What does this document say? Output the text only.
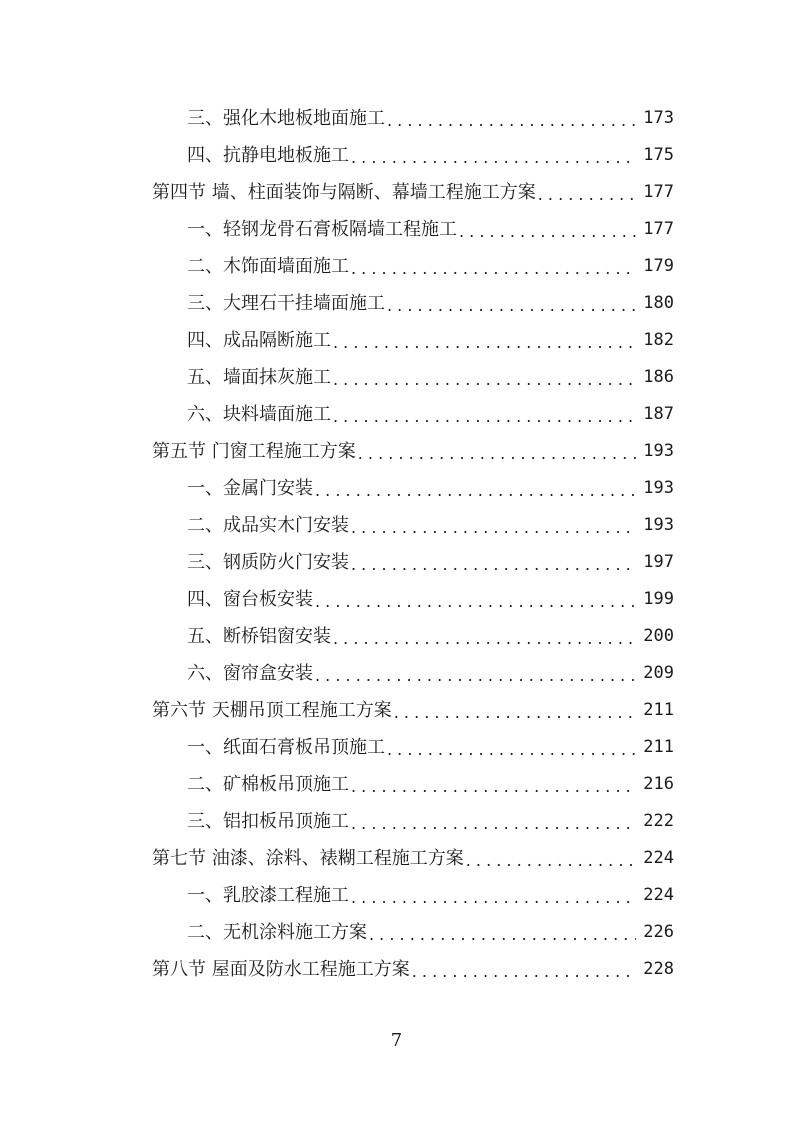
三、强化木地板地面施工 . . .	173
四、抗静电地板施工 . . .	175
第四节 墙、柱面装饰与隔断、幕墙工程施工方案 . . .	177
一、轻钢龙骨石膏板隔墙工程施工 . . .	177
二、木饰面墙面施工 . . .	179
三、大理石干挂墙面施工 . . .	180
四、成品隔断施工 . . .	182
五、墙面抹灰施工 . . .	186
六、块料墙面施工 . . .	187
第五节 门窗工程施工方案 . . .	193
一、金属门安装 . . .	193
二、成品实木门安装 . . .	193
三、钢质防火门安装 . . .	197
四、窗台板安装 . . .	199
五、断桥铝窗安装 . . .	200
六、窗帘盒安装 . . .	209
第六节 天棚吊顶工程施工方案 . . .	211
一、纸面石膏板吊顶施工 . . .	211
二、矿棉板吊顶施工 . . .	216
三、铝扣板吊顶施工 . . .	222
第七节 油漆、涂料、裱糊工程施工方案 . . .	224
一、乳胶漆工程施工 . . .	224
二、无机涂料施工方案 . . .	226
第八节 屋面及防水工程施工方案 . . .	228
7
